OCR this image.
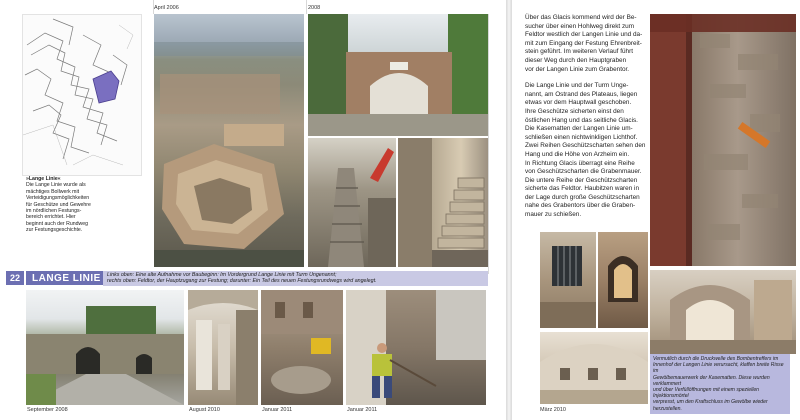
»Lange Linie«
Die Lange Linie wurde als
mächtiges Bollwerk mit
Verteidigungsmöglichkeiten
für Geschütze und Gewehre
im nördlichen Festungs-
bereich errichtet. Hier
beginnt auch der Rundweg
zur Festungsgeschichte.
April 2006	2008
22	LANGE LINIE	Links oben: Eine alte Aufnahme vor Baubeginn: Im Vordergrund Lange Linie mit Turm Ungenannt;
rechts oben: Feldtor, der Hauptzugang zur Festung; darunter: Ein Teil des neuen Festungsrundwegs wird angelegt.
September 2008	August 2010	Januar 2011	Januar 2011

Über das Glacis kommend wird der Be-
sucher über einen Hohlweg direkt zum
Feldtor westlich der Langen Linie und da-
mit zum Eingang der Festung Ehrenbreit-
stein geführt. Im weiteren Verlauf führt
dieser Weg durch den Hauptgraben
vor der Langen Linie zum Grabentor.

Die Lange Linie und der Turm Unge-
nannt, am Ostrand des Plateaus, liegen
etwas vor dem Hauptwall geschoben.
Ihre Geschütze sicherten einst den
östlichen Hang und das seitliche Glacis.
Die Kasematten der Langen Linie um-
schließen einen nichtwinkligen Lichthof.
Zwei Reihen Geschützscharten sehen den
Hang und die Höhe von Arzheim ein.
In Richtung Glacis überragt eine Reihe
von Geschützscharten die Grabenmauer.
Die untere Reihe der Geschützscharten
sicherte das Feldtor. Haubitzen waren in
der Lage durch große Geschützscharten
nahe des Grabentors über die Graben-
mauer zu schießen.

Vermutlich durch die Druckwelle des Bombentreffers im
Innenhof der Langen Linie verursacht, klaffen breite Risse im
Gewölbemauerwerk der Kasematten. Diese wurden verklammert
und über Verfüllöffnungen mit einem speziellen Injektionsmörtel
verpresst, um den Kraftschluss im Gewölbe wieder herzustellen.
März 2010
